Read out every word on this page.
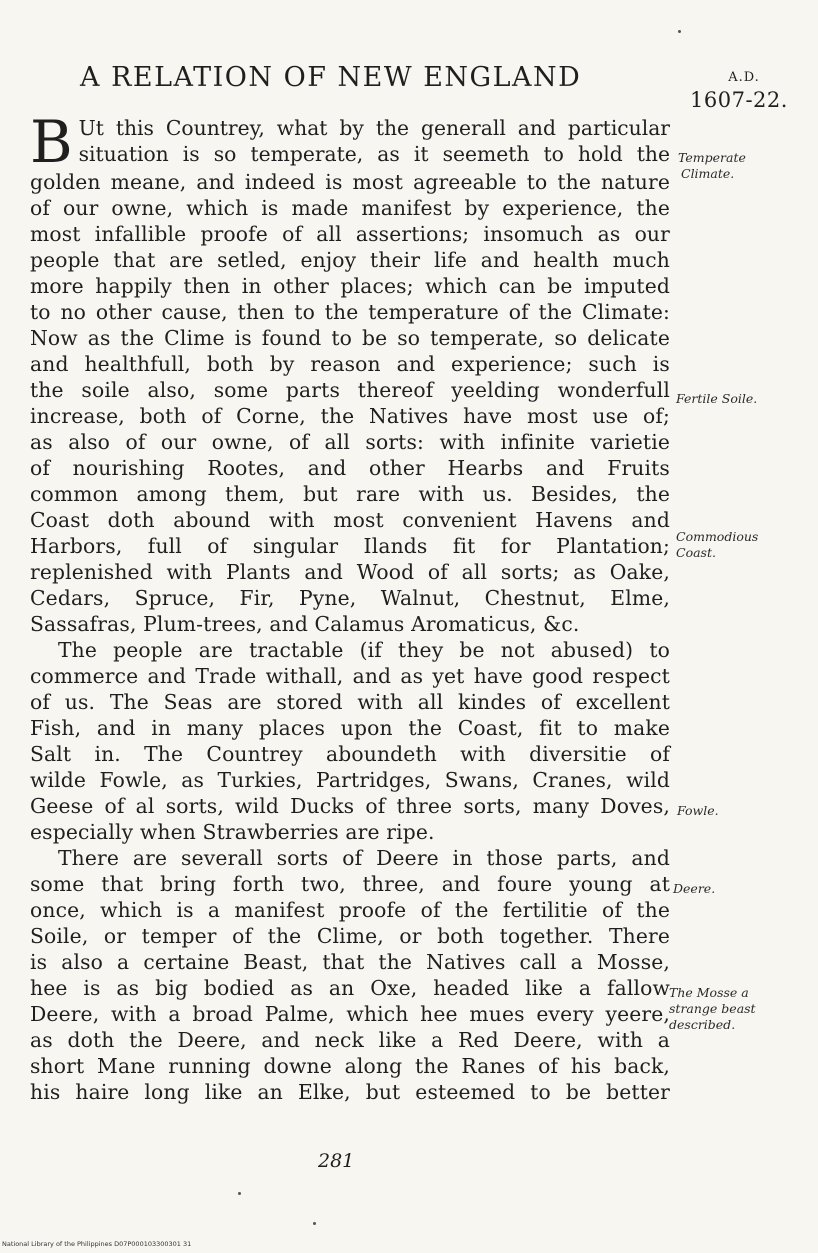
A RELATION OF NEW ENGLAND	A.D.
1607-22.
B Ut this Countrey, what by the generall and particular
situation is so temperate, as it seemeth to hold the
golden meane, and indeed is most agreeable to the nature
of our owne, which is made manifest by experience, the
most infallible proofe of all assertions; insomuch as our
people that are setled, enjoy their life and health much
more happily then in other places; which can be imputed
to no other cause, then to the temperature of the Climate:
Now as the Clime is found to be so temperate, so delicate
and healthfull, both by reason and experience; such is
the soile also, some parts thereof yeelding wonderfull
increase, both of Corne, the Natives have most use of;
as also of our owne, of all sorts: with infinite varietie
of nourishing Rootes, and other Hearbs and Fruits
common among them, but rare with us. Besides, the
Coast doth abound with most convenient Havens and
Harbors, full of singular Ilands fit for Plantation;
replenished with Plants and Wood of all sorts; as Oake,
Cedars, Spruce, Fir, Pyne, Walnut, Chestnut, Elme,
Sassafras, Plum-trees, and Calamus Aromaticus, &c.
The people are tractable (if they be not abused) to
commerce and Trade withall, and as yet have good respect
of us. The Seas are stored with all kindes of excellent
Fish, and in many places upon the Coast, fit to make
Salt in. The Countrey aboundeth with diversitie of
wilde Fowle, as Turkies, Partridges, Swans, Cranes, wild
Geese of al sorts, wild Ducks of three sorts, many Doves,
especially when Strawberries are ripe.
There are severall sorts of Deere in those parts, and
some that bring forth two, three, and foure young at
once, which is a manifest proofe of the fertilitie of the
Soile, or temper of the Clime, or both together. There
is also a certaine Beast, that the Natives call a Mosse,
hee is as big bodied as an Oxe, headed like a fallow
Deere, with a broad Palme, which hee mues every yeere,
as doth the Deere, and neck like a Red Deere, with a
short Mane running downe along the Ranes of his back,
his haire long like an Elke, but esteemed to be better
Temperate
Climate.
Fertile Soile.
Commodious
Coast.
Fowle.
Deere.
The Mosse a
strange beast
described.
281
National Library of the Philippines D07P000103300301 31
